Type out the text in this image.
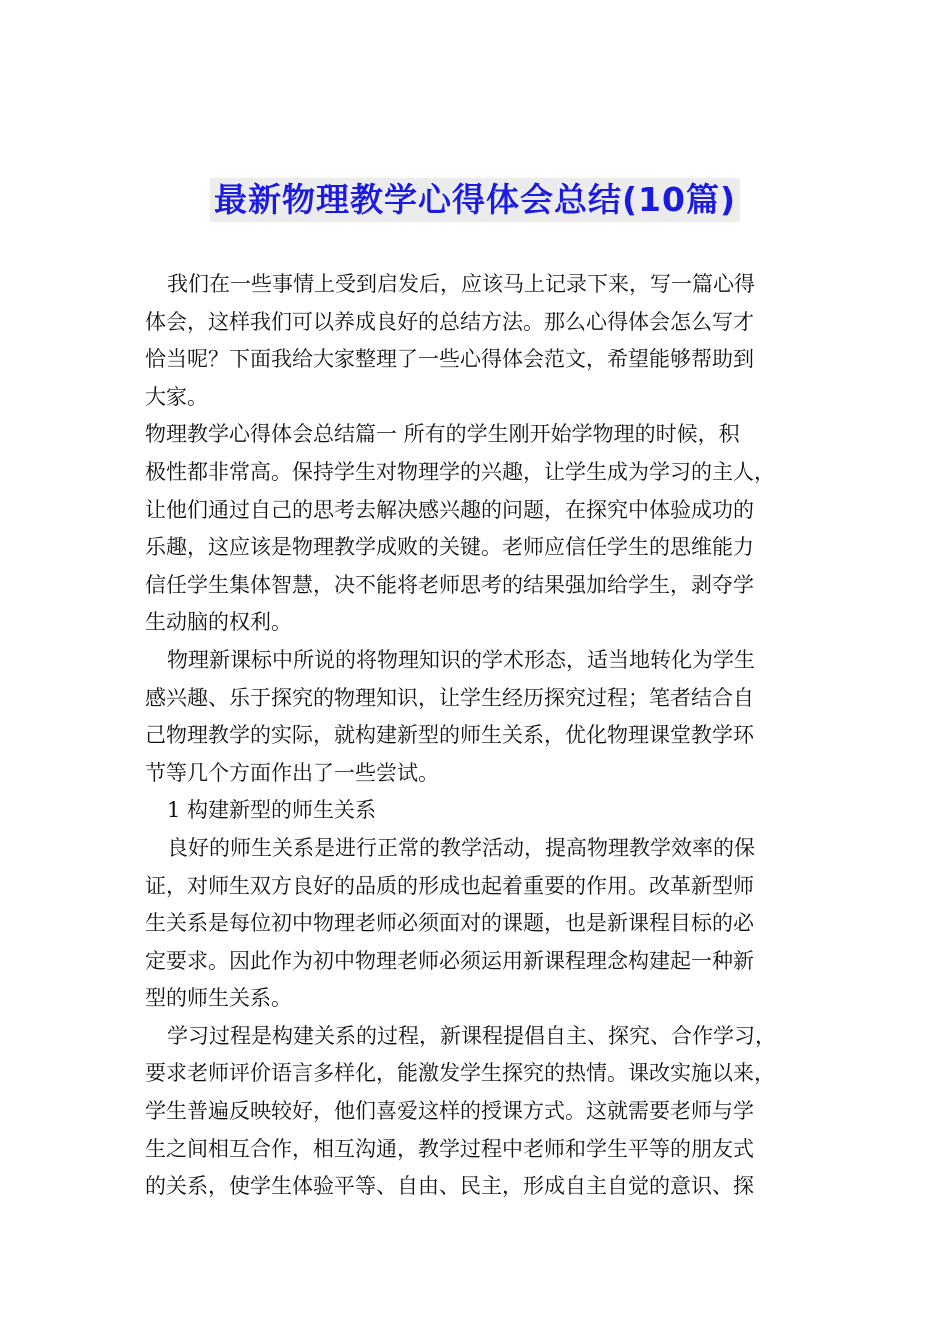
最新物理教学心得体会总结(10篇)
我们在一些事情上受到启发后，应该马上记录下来，写一篇心得
体会，这样我们可以养成良好的总结方法。那么心得体会怎么写才
恰当呢？下面我给大家整理了一些心得体会范文，希望能够帮助到
大家。
物理教学心得体会总结篇一 所有的学生刚开始学物理的时候，积
极性都非常高。保持学生对物理学的兴趣，让学生成为学习的主人，
让他们通过自己的思考去解决感兴趣的问题，在探究中体验成功的
乐趣，这应该是物理教学成败的关键。老师应信任学生的思维能力
信任学生集体智慧，决不能将老师思考的结果强加给学生，剥夺学
生动脑的权利。
物理新课标中所说的将物理知识的学术形态，适当地转化为学生
感兴趣、乐于探究的物理知识，让学生经历探究过程；笔者结合自
己物理教学的实际，就构建新型的师生关系，优化物理课堂教学环
节等几个方面作出了一些尝试。
1 构建新型的师生关系
良好的师生关系是进行正常的教学活动，提高物理教学效率的保
证，对师生双方良好的品质的形成也起着重要的作用。改革新型师
生关系是每位初中物理老师必须面对的课题，也是新课程目标的必
定要求。因此作为初中物理老师必须运用新课程理念构建起一种新
型的师生关系。
学习过程是构建关系的过程，新课程提倡自主、探究、合作学习，
要求老师评价语言多样化，能激发学生探究的热情。课改实施以来，
学生普遍反映较好，他们喜爱这样的授课方式。这就需要老师与学
生之间相互合作，相互沟通，教学过程中老师和学生平等的朋友式
的关系，使学生体验平等、自由、民主，形成自主自觉的意识、探
